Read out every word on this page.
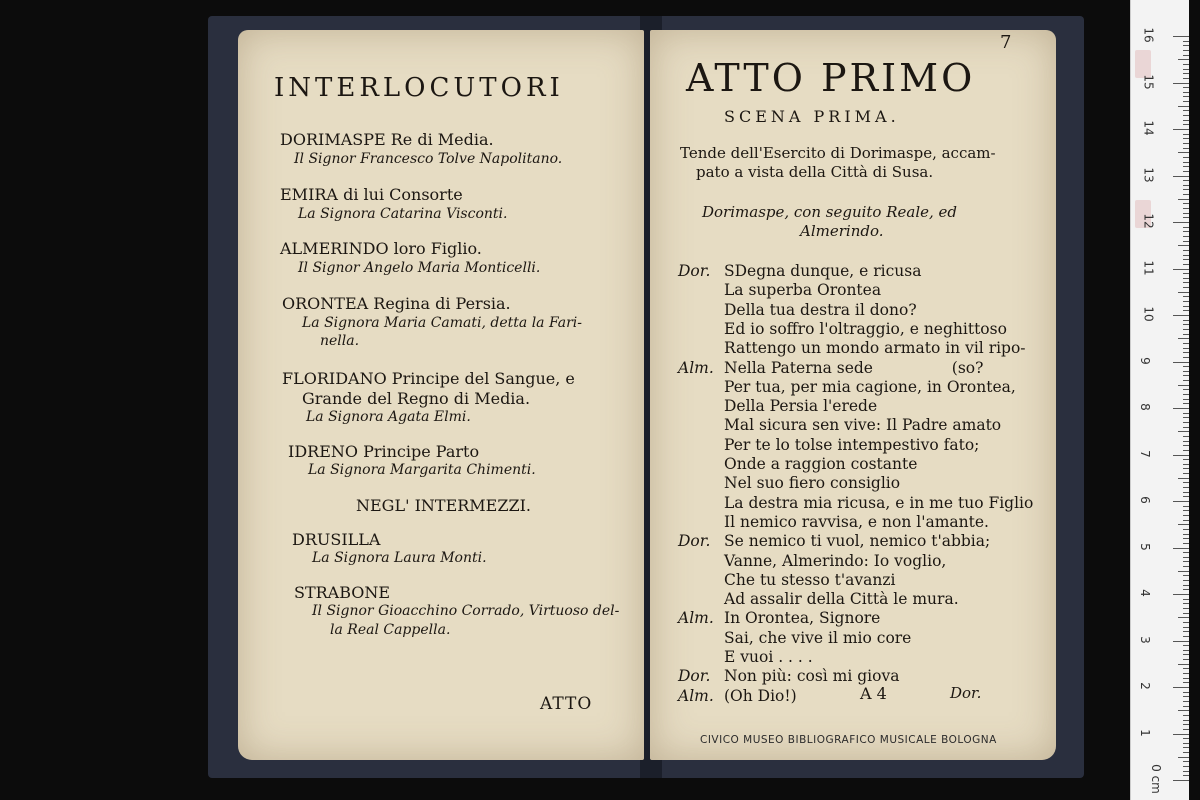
INTERLOCUTORI
DORIMASPE Re di Media.
Il Signor Francesco Tolve Napolitano.
EMIRA di lui Consorte
La Signora Catarina Visconti.
ALMERINDO loro Figlio.
Il Signor Angelo Maria Monticelli.
ORONTEA Regina di Persia.
La Signora Maria Camati, detta la Fari-
nella.
FLORIDANO Principe del Sangue, e
Grande del Regno di Media.
La Signora Agata Elmi.
IDRENO Principe Parto
La Signora Margarita Chimenti.
NEGL' INTERMEZZI.
DRUSILLA
La Signora Laura Monti.
STRABONE
Il Signor Gioacchino Corrado, Virtuoso del-
la Real Cappella.
ATTO
7
ATTO PRIMO
SCENA PRIMA.
Tende dell'Esercito di Dorimaspe, accam-
pato a vista della Città di Susa.
Dorimaspe, con seguito Reale, ed
Almerindo.
Dor. SDegna dunque, e ricusa
La superba Orontea
Della tua destra il dono?
Ed io soffro l'oltraggio, e neghittoso
Rattengo un mondo armato in vil ripo-
Alm. Nella Paterna sede                (so?
Per tua, per mia cagione, in Orontea,
Della Persia l'erede
Mal sicura sen vive: Il Padre amato
Per te lo tolse intempestivo fato;
Onde a raggion costante
Nel suo fiero consiglio
La destra mia ricusa, e in me tuo Figlio
Il nemico ravvisa, e non l'amante.
Dor. Se nemico ti vuol, nemico t'abbia;
Vanne, Almerindo: Io voglio,
Che tu stesso t'avanzi
Ad assalir della Città le mura.
Alm. In Orontea, Signore
Sai, che vive il mio core
E vuoi . . . .
Dor. Non più: così mi giova
Alm. (Oh Dio!)	A 4	Dor.
CIVICO MUSEO BIBLIOGRAFICO MUSICALE BOLOGNA
0 cm
1
2
3
4
5
6
7
8
9
10
11
12
13
14
15
16
